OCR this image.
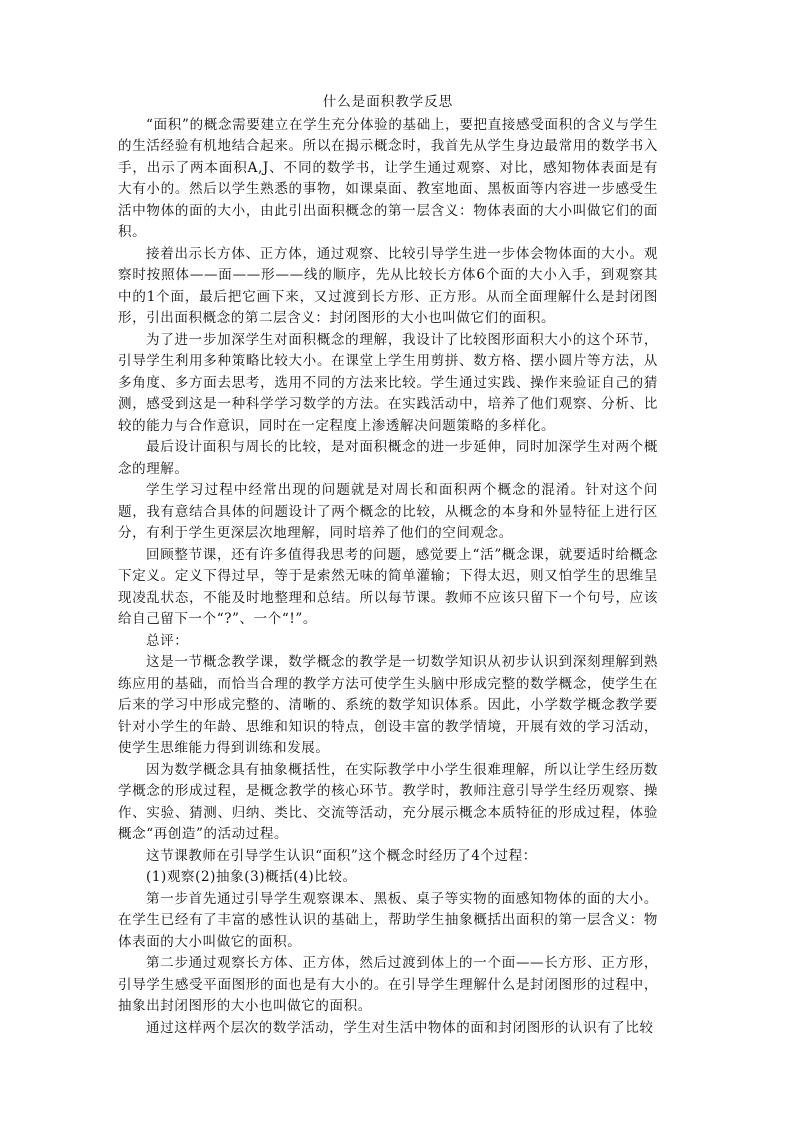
什么是面积教学反思

“面积”的概念需要建立在学生充分体验的基础上，要把直接感受面积的含义与学生的生活经验有机地结合起来。所以在揭示概念时，我首先从学生身边最常用的数学书入手，出示了两本面积A,J、不同的数学书，让学生通过观察、对比，感知物体表面是有大有小的。然后以学生熟悉的事物，如课桌面、教室地面、黑板面等内容进一步感受生活中物体的面的大小，由此引出面积概念的第一层含义：物体表面的大小叫做它们的面积。

接着出示长方体、正方体，通过观察、比较引导学生进一步体会物体面的大小。观察时按照体——面——形——线的顺序，先从比较长方体6个面的大小入手，到观察其中的1个面，最后把它画下来，又过渡到长方形、正方形。从而全面理解什么是封闭图形，引出面积概念的第二层含义：封闭图形的大小也叫做它们的面积。

为了进一步加深学生对面积概念的理解，我设计了比较图形面积大小的这个环节，引导学生利用多种策略比较大小。在课堂上学生用剪拼、数方格、摆小圆片等方法，从多角度、多方面去思考，选用不同的方法来比较。学生通过实践、操作来验证自己的猜测，感受到这是一种科学学习数学的方法。在实践活动中，培养了他们观察、分析、比较的能力与合作意识，同时在一定程度上渗透解决问题策略的多样化。

最后设计面积与周长的比较，是对面积概念的进一步延伸，同时加深学生对两个概念的理解。

学生学习过程中经常出现的问题就是对周长和面积两个概念的混淆。针对这个问题，我有意结合具体的问题设计了两个概念的比较，从概念的本身和外显特征上进行区分，有利于学生更深层次地理解，同时培养了他们的空间观念。

回顾整节课，还有许多值得我思考的问题，感觉要上“活”概念课，就要适时给概念下定义。定义下得过早，等于是索然无味的简单灌输；下得太迟，则又怕学生的思维呈现凌乱状态，不能及时地整理和总结。所以每节课。教师不应该只留下一个句号，应该给自己留下一个“?”、一个“!”。

总评：

这是一节概念教学课，数学概念的教学是一切数学知识从初步认识到深刻理解到熟练应用的基础，而恰当合理的教学方法可使学生头脑中形成完整的数学概念，使学生在后来的学习中形成完整的、清晰的、系统的数学知识体系。因此，小学数学概念教学要针对小学生的年龄、思维和知识的特点，创设丰富的教学情境，开展有效的学习活动，使学生思维能力得到训练和发展。

因为数学概念具有抽象概括性，在实际教学中小学生很难理解，所以让学生经历数学概念的形成过程，是概念教学的核心环节。教学时，教师注意引导学生经历观察、操作、实验、猜测、归纳、类比、交流等活动，充分展示概念本质特征的形成过程，体验概念“再创造”的活动过程。

这节课教师在引导学生认识“面积”这个概念时经历了4个过程：

(1)观察(2)抽象(3)概括(4)比较。

第一步首先通过引导学生观察课本、黑板、桌子等实物的面感知物体的面的大小。在学生已经有了丰富的感性认识的基础上，帮助学生抽象概括出面积的第一层含义：物体表面的大小叫做它的面积。

第二步通过观察长方体、正方体，然后过渡到体上的一个面——长方形、正方形，引导学生感受平面图形的面也是有大小的。在引导学生理解什么是封闭图形的过程中，抽象出封闭图形的大小也叫做它的面积。

通过这样两个层次的数学活动，学生对生活中物体的面和封闭图形的认识有了比较
